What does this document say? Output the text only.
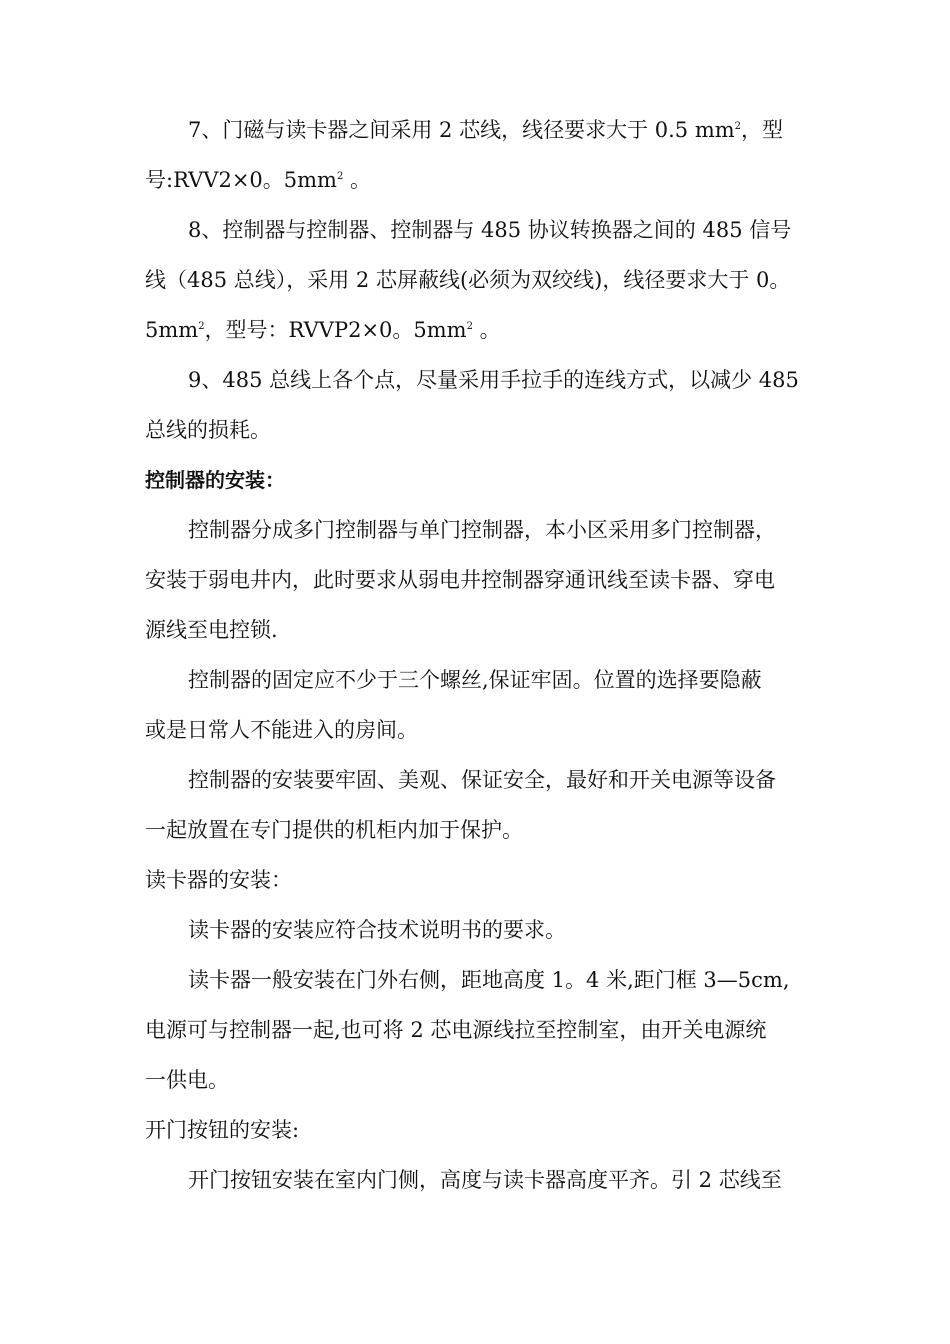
7、门磁与读卡器之间采用 2 芯线，线径要求大于 0.5 $mm^2$，型
号:RVV2×0。$5mm^2$ 。
8、控制器与控制器、控制器与 485 协议转换器之间的 485 信号
线（485 总线），采用 2 芯屏蔽线(必须为双绞线)，线径要求大于 0。
$5mm^2$，型号：RVVP2×0。$5mm^2$ 。
9、485 总线上各个点，尽量采用手拉手的连线方式，以减少 485
总线的损耗。
控制器的安装：
控制器分成多门控制器与单门控制器，本小区采用多门控制器，
安装于弱电井内，此时要求从弱电井控制器穿通讯线至读卡器、穿电
源线至电控锁.
控制器的固定应不少于三个螺丝,保证牢固。位置的选择要隐蔽
或是日常人不能进入的房间。
控制器的安装要牢固、美观、保证安全，最好和开关电源等设备
一起放置在专门提供的机柜内加于保护。
读卡器的安装：
读卡器的安装应符合技术说明书的要求。
读卡器一般安装在门外右侧，距地高度 1。4 米,距门框 3—5cm,
电源可与控制器一起,也可将 2 芯电源线拉至控制室，由开关电源统
一供电。
开门按钮的安装:
开门按钮安装在室内门侧，高度与读卡器高度平齐。引 2 芯线至
